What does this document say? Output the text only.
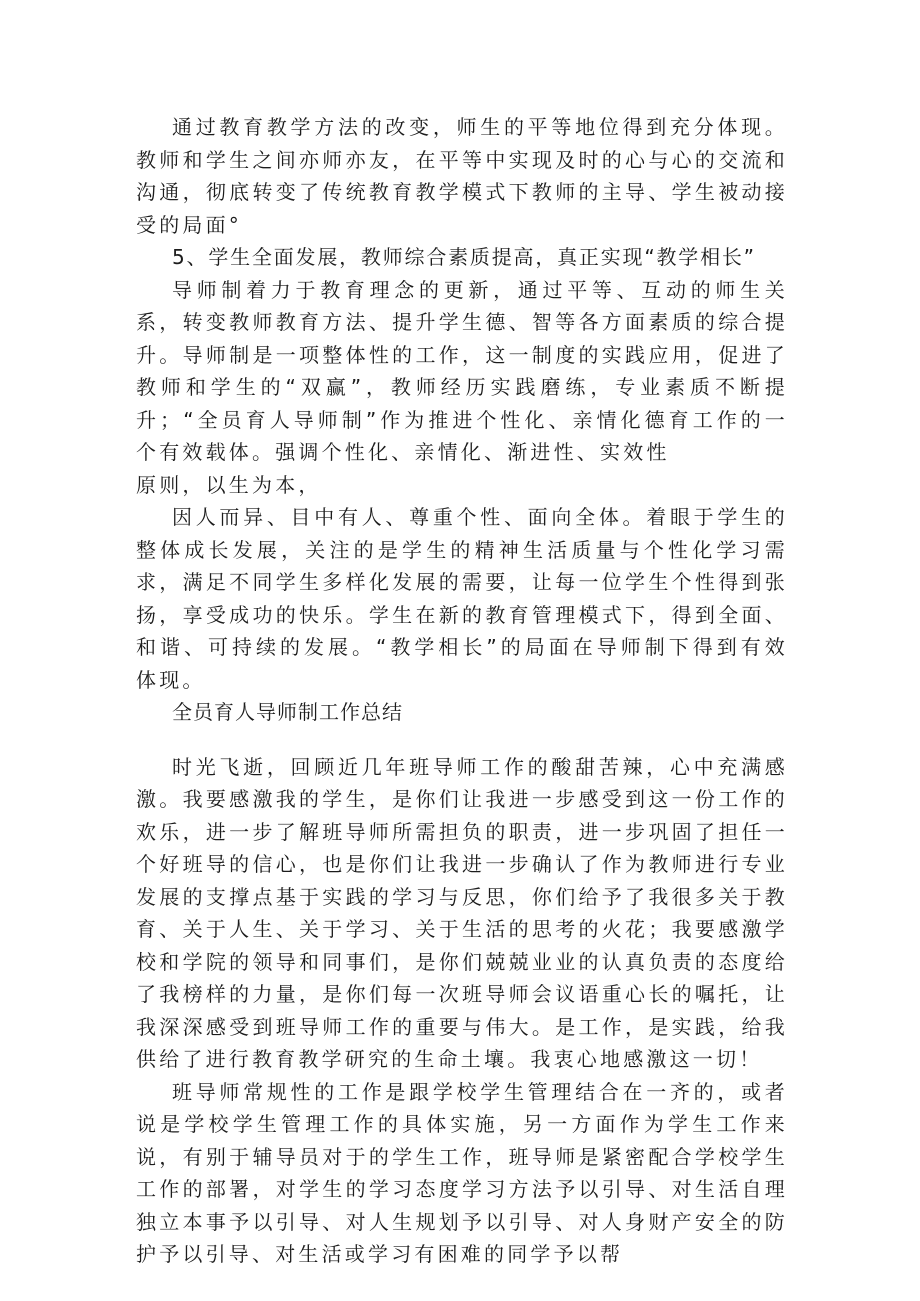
通过教育教学方法的改变，师生的平等地位得到充分体现。教师和学生之间亦师亦友，在平等中实现及时的心与心的交流和沟通，彻底转变了传统教育教学模式下教师的主导、学生被动接受的局面°

5、学生全面发展，教师综合素质提高，真正实现“教学相长”

导师制着力于教育理念的更新，通过平等、互动的师生关系，转变教师教育方法、提升学生德、智等各方面素质的综合提升。导师制是一项整体性的工作，这一制度的实践应用，促进了教师和学生的“双赢”，教师经历实践磨练，专业素质不断提升；“全员育人导师制”作为推进个性化、亲情化德育工作的一个有效载体。强调个性化、亲情化、渐进性、实效性

原则，以生为本，

因人而异、目中有人、尊重个性、面向全体。着眼于学生的整体成长发展，关注的是学生的精神生活质量与个性化学习需求，满足不同学生多样化发展的需要，让每一位学生个性得到张扬，享受成功的快乐。学生在新的教育管理模式下，得到全面、和谐、可持续的发展。“教学相长”的局面在导师制下得到有效体现。

全员育人导师制工作总结

时光飞逝，回顾近几年班导师工作的酸甜苦辣，心中充满感激。我要感激我的学生，是你们让我进一步感受到这一份工作的欢乐，进一步了解班导师所需担负的职责，进一步巩固了担任一个好班导的信心，也是你们让我进一步确认了作为教师进行专业发展的支撑点基于实践的学习与反思，你们给予了我很多关于教育、关于人生、关于学习、关于生活的思考的火花；我要感激学校和学院的领导和同事们，是你们兢兢业业的认真负责的态度给了我榜样的力量，是你们每一次班导师会议语重心长的嘱托，让我深深感受到班导师工作的重要与伟大。是工作，是实践，给我供给了进行教育教学研究的生命土壤。我衷心地感激这一切！

班导师常规性的工作是跟学校学生管理结合在一齐的，或者说是学校学生管理工作的具体实施，另一方面作为学生工作来说，有别于辅导员对于的学生工作，班导师是紧密配合学校学生工作的部署，对学生的学习态度学习方法予以引导、对生活自理独立本事予以引导、对人生规划予以引导、对人身财产安全的防护予以引导、对生活或学习有困难的同学予以帮
